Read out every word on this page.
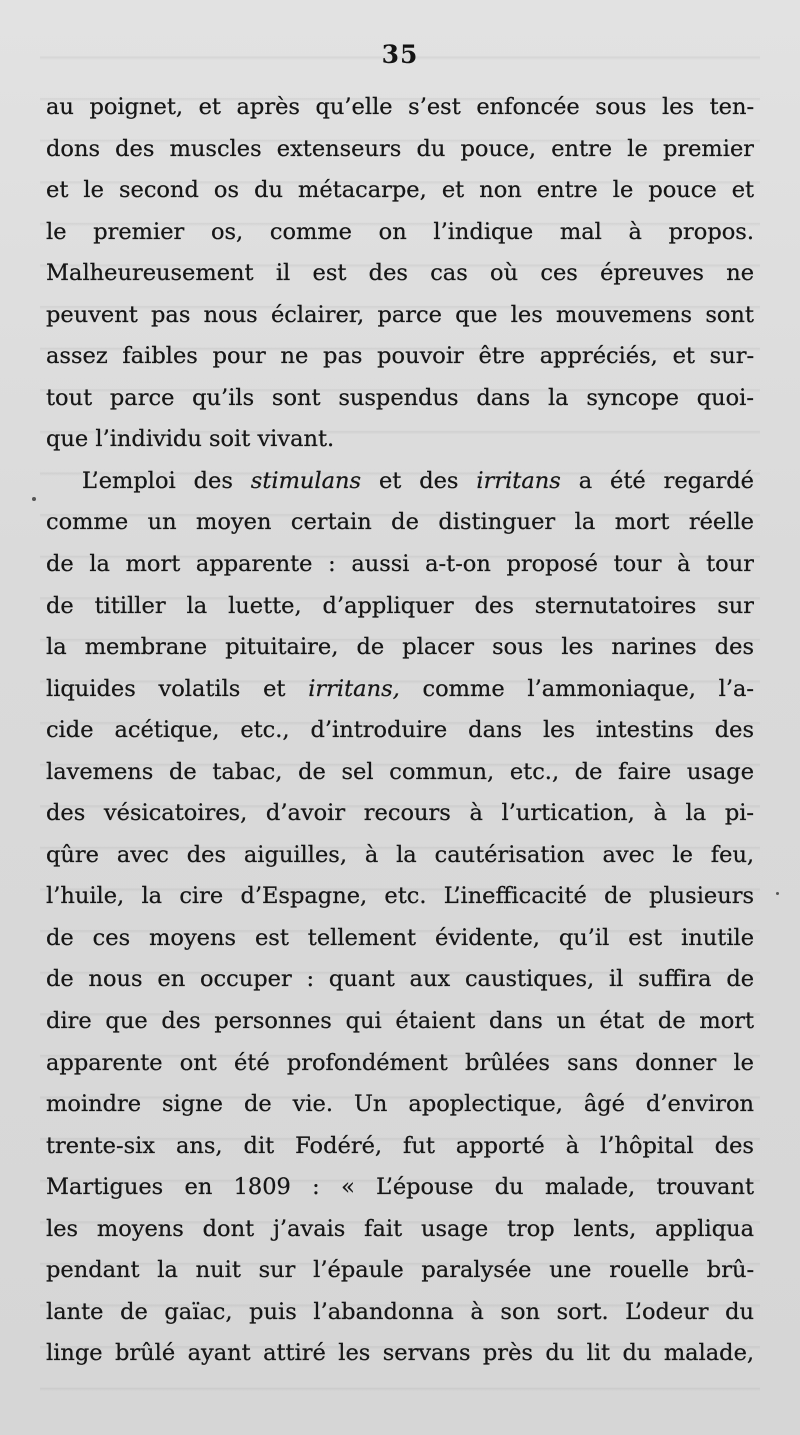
35
au poignet, et après qu’elle s’est enfoncée sous les ten-
dons des muscles extenseurs du pouce, entre le premier
et le second os du métacarpe, et non entre le pouce et
le premier os, comme on l’indique mal à propos.
Malheureusement il est des cas où ces épreuves ne
peuvent pas nous éclairer, parce que les mouvemens sont
assez faibles pour ne pas pouvoir être appréciés, et sur-
tout parce qu’ils sont suspendus dans la syncope quoi-
que l’individu soit vivant.
L’emploi des stimulans et des irritans a été regardé
comme un moyen certain de distinguer la mort réelle
de la mort apparente : aussi a-t-on proposé tour à tour
de titiller la luette, d’appliquer des sternutatoires sur
la membrane pituitaire, de placer sous les narines des
liquides volatils et irritans, comme l’ammoniaque, l’a-
cide acétique, etc., d’introduire dans les intestins des
lavemens de tabac, de sel commun, etc., de faire usage
des vésicatoires, d’avoir recours à l’urtication, à la pi-
qûre avec des aiguilles, à la cautérisation avec le feu,
l’huile, la cire d’Espagne, etc. L’inefficacité de plusieurs
de ces moyens est tellement évidente, qu’il est inutile
de nous en occuper : quant aux caustiques, il suffira de
dire que des personnes qui étaient dans un état de mort
apparente ont été profondément brûlées sans donner le
moindre signe de vie. Un apoplectique, âgé d’environ
trente-six ans, dit Fodéré, fut apporté à l’hôpital des
Martigues en 1809 : « L’épouse du malade, trouvant
les moyens dont j’avais fait usage trop lents, appliqua
pendant la nuit sur l’épaule paralysée une rouelle brû-
lante de gaïac, puis l’abandonna à son sort. L’odeur du
linge brûlé ayant attiré les servans près du lit du malade,
